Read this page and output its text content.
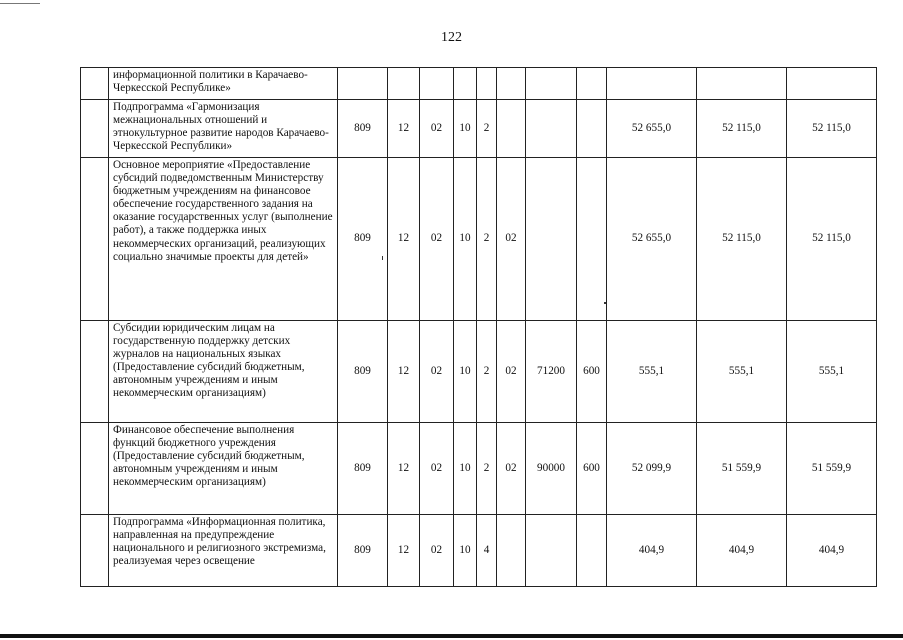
122
	информационной политики в Карачаево-Черкесской Республике»											
	Подпрограмма «Гармонизация межнациональных отношений и этнокультурное развитие народов Карачаево-Черкесской Республики»	809	12	02	10	2				52 655,0	52 115,0	52 115,0
	Основное мероприятие «Предоставление субсидий подведомственным Министерству бюджетным учреждениям на финансовое обеспечение государственного задания на оказание государственных услуг (выполнение работ), а также поддержка иных некоммерческих организаций, реализующих социально значимые проекты для детей»	809	12	02	10	2	02			52 655,0	52 115,0	52 115,0
	Субсидии юридическим лицам на государственную поддержку детских журналов на национальных языках (Предоставление субсидий бюджетным, автономным учреждениям и иным некоммерческим организациям)	809	12	02	10	2	02	71200	600	555,1	555,1	555,1
	Финансовое обеспечение выполнения функций бюджетного учреждения (Предоставление субсидий бюджетным, автономным учреждениям и иным некоммерческим организациям)	809	12	02	10	2	02	90000	600	52 099,9	51 559,9	51 559,9
	Подпрограмма «Информационная политика, направленная на предупреждение национального и религиозного экстремизма, реализуемая через освещение	809	12	02	10	4				404,9	404,9	404,9
